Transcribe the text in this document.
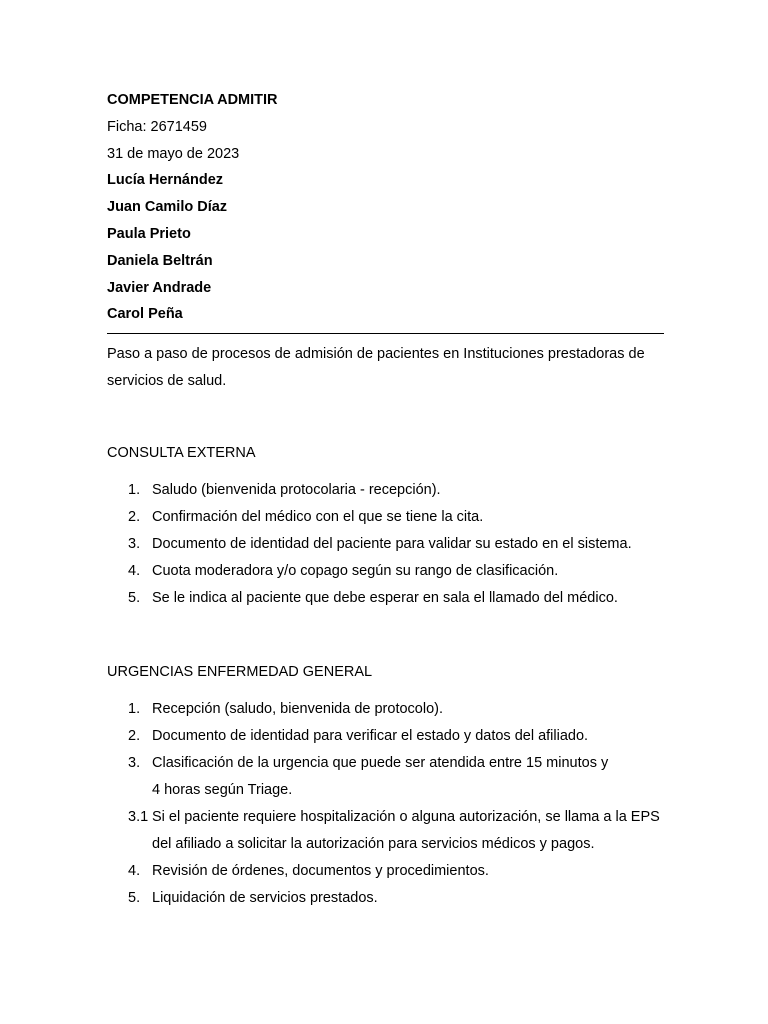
COMPETENCIA ADMITIR
Ficha: 2671459
31 de mayo de 2023
Lucía Hernández
Juan Camilo Díaz
Paula Prieto
Daniela Beltrán
Javier Andrade
Carol Peña
Paso a paso de procesos de admisión de pacientes en Instituciones prestadoras de servicios de salud.
CONSULTA EXTERNA
1. Saludo (bienvenida protocolaria - recepción).
2. Confirmación del médico con el que se tiene la cita.
3. Documento de identidad del paciente para validar su estado en el sistema.
4. Cuota moderadora y/o copago según su rango de clasificación.
5. Se le indica al paciente que debe esperar en sala el llamado del médico.
URGENCIAS ENFERMEDAD GENERAL
1. Recepción (saludo, bienvenida de protocolo).
2. Documento de identidad para verificar el estado y datos del afiliado.
3. Clasificación de la urgencia que puede ser atendida entre 15 minutos y 4 horas según Triage.
3.1 Si el paciente requiere hospitalización o alguna autorización, se llama a la EPS del afiliado a solicitar la autorización para servicios médicos y pagos.
4. Revisión de órdenes, documentos y procedimientos.
5. Liquidación de servicios prestados.
